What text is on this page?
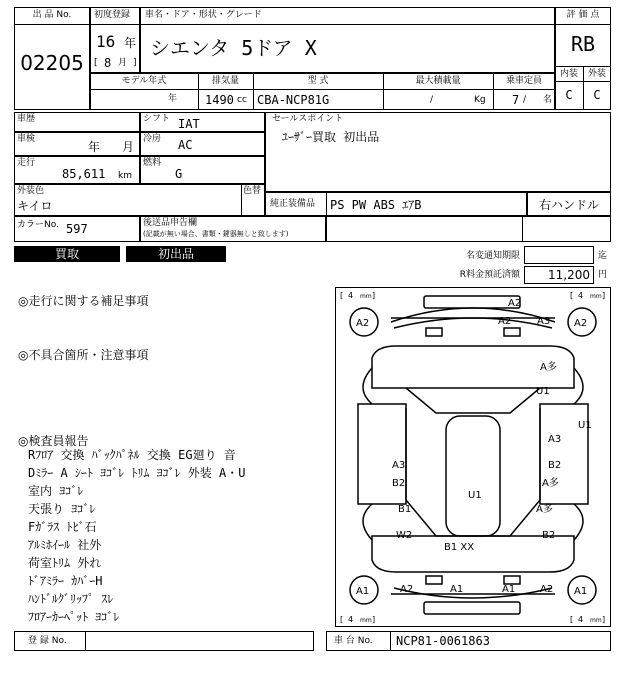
出 品 No.
02205
初度登録
16 年
[ 8 月 ]
車名・ドア・形状・グレード
シエンタ 5ドア X
評 価 点
RB
内装	外装
C	C
モデル年式	排気量	型 式	最大積載量	乗車定員
年 1490 cc CBA-NCP81G	/	Kg 7 / 名
車歴	シフト IAT
車検
年 月
冷房 AC
走行
85,611 km
燃料
G
セールスポイント
ﾕｰｻﾞｰ買取 初出品
外装色
キイロ
色替
純正装備品 PS PW ABS ｴｱB	右ハンドル
カラーNo. 597	後送品申告欄
(記載が無い場合、書類・鍵器無しと致します)
買取	初出品	名変通知期限	迄
R料金預託済額	11,200 円
◎走行に関する補足事項
◎不具合箇所・注意事項
◎検査員報告
Rﾌﾛｱ 交換 ﾊﾞｯｸﾊﾟﾈﾙ 交換 EG廻り 音
Dﾐﾗｰ A ｼｰﾄ ﾖｺﾞﾚ ﾄﾘﾑ ﾖｺﾞﾚ 外装 A・U
室内 ﾖｺﾞﾚ
天張り ﾖｺﾞﾚ
Fｶﾞﾗｽ ﾄﾋﾞ石
ｱﾙﾐﾎｲｰﾙ 社外
荷室ﾄﾘﾑ 外れ
ﾄﾞｱﾐﾗｰ ｶﾊﾞｰH
ﾊﾝﾄﾞﾙｸﾞﾘｯﾌﾟ ｽﾚ
ﾌﾛｱｰｶｰﾍﾟｯﾄ ﾖｺﾞﾚ
[ 4 mm ]	[ 4 mm ]
[ 4 mm ]	[ 4 mm ]
A2
A2	A3
A2	A2
A多
U1
U1
A3
A3	B2
B2	A多
U1
B1	A多
W2	B2
B1 XX
A1	A1
A2	A1	A1 A2
登 録 No.	車 台 No. NCP81-0061863
